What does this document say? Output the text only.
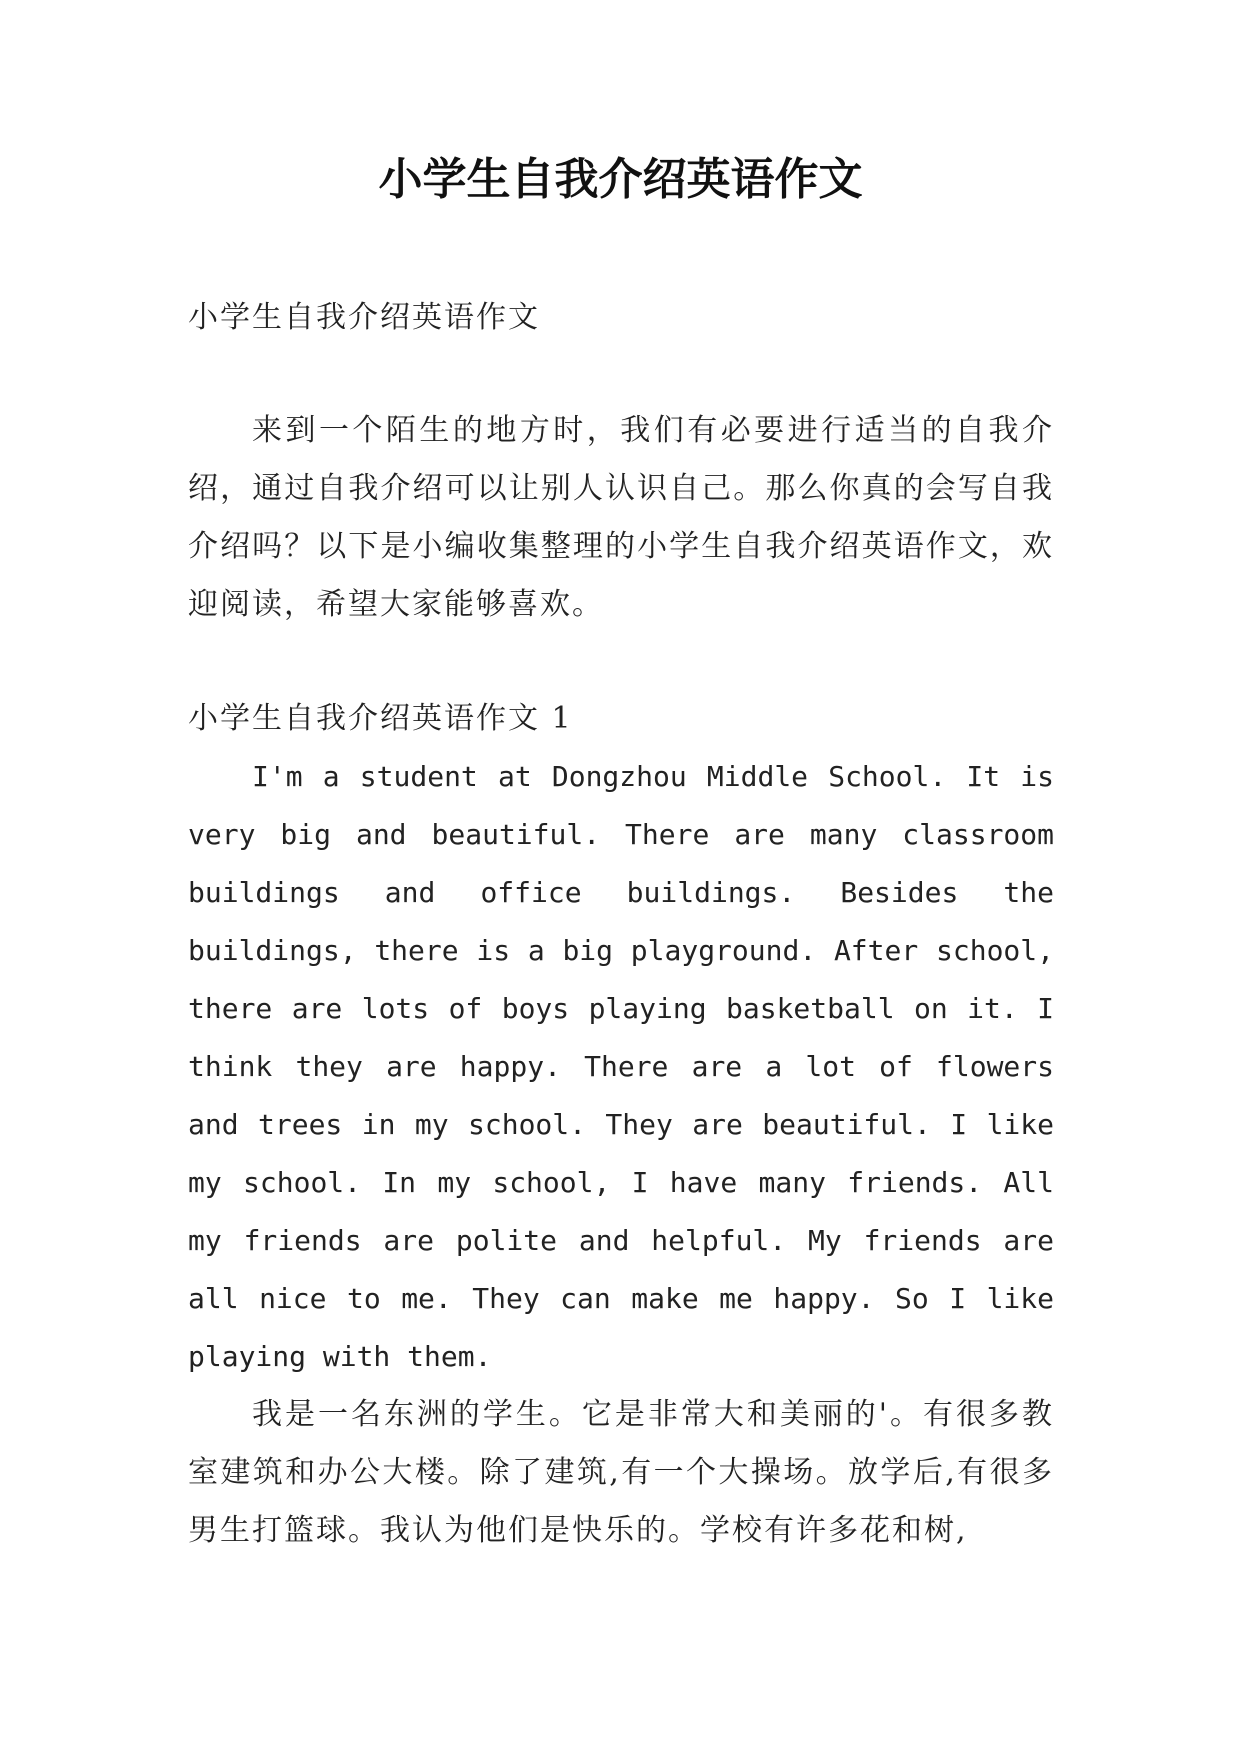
小学生自我介绍英语作文

小学生自我介绍英语作文

来到一个陌生的地方时，我们有必要进行适当的自我介绍，通过自我介绍可以让别人认识自己。那么你真的会写自我介绍吗？以下是小编收集整理的小学生自我介绍英语作文，欢迎阅读，希望大家能够喜欢。

小学生自我介绍英语作文 1

I'm a student at Dongzhou Middle School. It is very big and beautiful. There are many classroom buildings and office buildings. Besides the buildings, there is a big playground. After school, there are lots of boys playing basketball on it. I think they are happy. There are a lot of flowers and trees in my school. They are beautiful. I like my school. In my school, I have many friends. All my friends are polite and helpful. My friends are all nice to me. They can make me happy. So I like playing with them.

我是一名东洲的学生。它是非常大和美丽的'。有很多教室建筑和办公大楼。除了建筑,有一个大操场。放学后,有很多男生打篮球。我认为他们是快乐的。学校有许多花和树,
